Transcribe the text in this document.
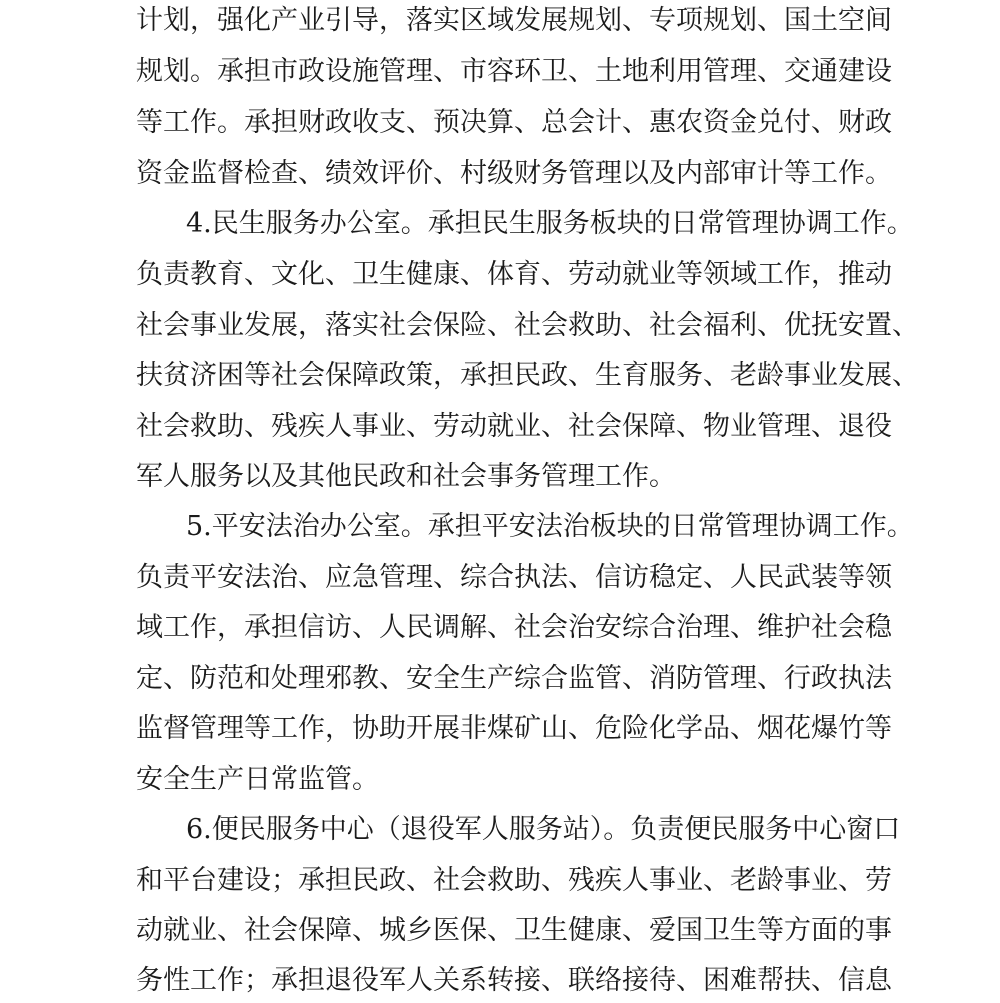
计划，强化产业引导，落实区域发展规划、专项规划、国土空间
规划。承担市政设施管理、市容环卫、土地利用管理、交通建设
等工作。承担财政收支、预决算、总会计、惠农资金兑付、财政
资金监督检查、绩效评价、村级财务管理以及内部审计等工作。
4.民生服务办公室。承担民生服务板块的日常管理协调工作。
负责教育、文化、卫生健康、体育、劳动就业等领域工作，推动
社会事业发展，落实社会保险、社会救助、社会福利、优抚安置、
扶贫济困等社会保障政策，承担民政、生育服务、老龄事业发展、
社会救助、残疾人事业、劳动就业、社会保障、物业管理、退役
军人服务以及其他民政和社会事务管理工作。
5.平安法治办公室。承担平安法治板块的日常管理协调工作。
负责平安法治、应急管理、综合执法、信访稳定、人民武装等领
域工作，承担信访、人民调解、社会治安综合治理、维护社会稳
定、防范和处理邪教、安全生产综合监管、消防管理、行政执法
监督管理等工作，协助开展非煤矿山、危险化学品、烟花爆竹等
安全生产日常监管。
6.便民服务中心（退役军人服务站）。负责便民服务中心窗口
和平台建设；承担民政、社会救助、残疾人事业、老龄事业、劳
动就业、社会保障、城乡医保、卫生健康、爱国卫生等方面的事
务性工作；承担退役军人关系转接、联络接待、困难帮扶、信息
